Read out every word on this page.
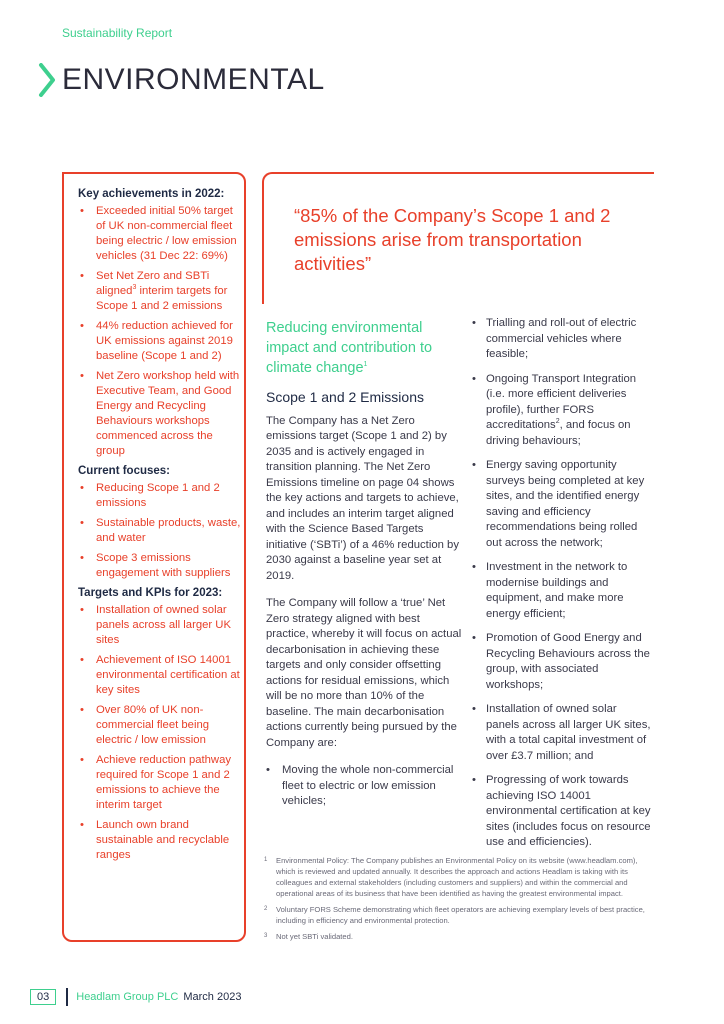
Sustainability Report
ENVIRONMENTAL
Key achievements in 2022:
• Exceeded initial 50% target of UK non-commercial fleet being electric / low emission vehicles (31 Dec 22: 69%)
• Set Net Zero and SBTi aligned$^3$ interim targets for Scope 1 and 2 emissions
• 44% reduction achieved for UK emissions against 2019 baseline (Scope 1 and 2)
• Net Zero workshop held with Executive Team, and Good Energy and Recycling Behaviours workshops commenced across the group
Current focuses:
• Reducing Scope 1 and 2 emissions
• Sustainable products, waste, and water
• Scope 3 emissions engagement with suppliers
Targets and KPIs for 2023:
• Installation of owned solar panels across all larger UK sites
• Achievement of ISO 14001 environmental certification at key sites
• Over 80% of UK non-commercial fleet being electric / low emission
• Achieve reduction pathway required for Scope 1 and 2 emissions to achieve the interim target
• Launch own brand sustainable and recyclable ranges
“85% of the Company’s Scope 1 and 2 emissions arise from transportation activities”
Reducing environmental impact and contribution to climate change$^1$
Scope 1 and 2 Emissions

The Company has a Net Zero emissions target (Scope 1 and 2) by 2035 and is actively engaged in transition planning. The Net Zero Emissions timeline on page 04 shows the key actions and targets to achieve, and includes an interim target aligned with the Science Based Targets initiative (‘SBTi’) of a 46% reduction by 2030 against a baseline year set at 2019.

The Company will follow a ‘true’ Net Zero strategy aligned with best practice, whereby it will focus on actual decarbonisation in achieving these targets and only consider offsetting actions for residual emissions, which will be no more than 10% of the baseline. The main decarbonisation actions currently being pursued by the Company are:

• Moving the whole non-commercial fleet to electric or low emission vehicles;
• Trialling and roll-out of electric commercial vehicles where feasible;
• Ongoing Transport Integration (i.e. more efficient deliveries profile), further FORS accreditations$^2$, and focus on driving behaviours;
• Energy saving opportunity surveys being completed at key sites, and the identified energy saving and efficiency recommendations being rolled out across the network;
• Investment in the network to modernise buildings and equipment, and make more energy efficient;
• Promotion of Good Energy and Recycling Behaviours across the group, with associated workshops;
• Installation of owned solar panels across all larger UK sites, with a total capital investment of over £3.7 million; and
• Progressing of work towards achieving ISO 14001 environmental certification at key sites (includes focus on resource use and efficiencies).
1 Environmental Policy: The Company publishes an Environmental Policy on its website (www.headlam.com), which is reviewed and updated annually. It describes the approach and actions Headlam is taking with its colleagues and external stakeholders (including customers and suppliers) and within the commercial and operational areas of its business that have been identified as having the greatest environmental impact.
2 Voluntary FORS Scheme demonstrating which fleet operators are achieving exemplary levels of best practice, including in efficiency and environmental protection.
3 Not yet SBTi validated.
03	Headlam Group PLC March 2023
